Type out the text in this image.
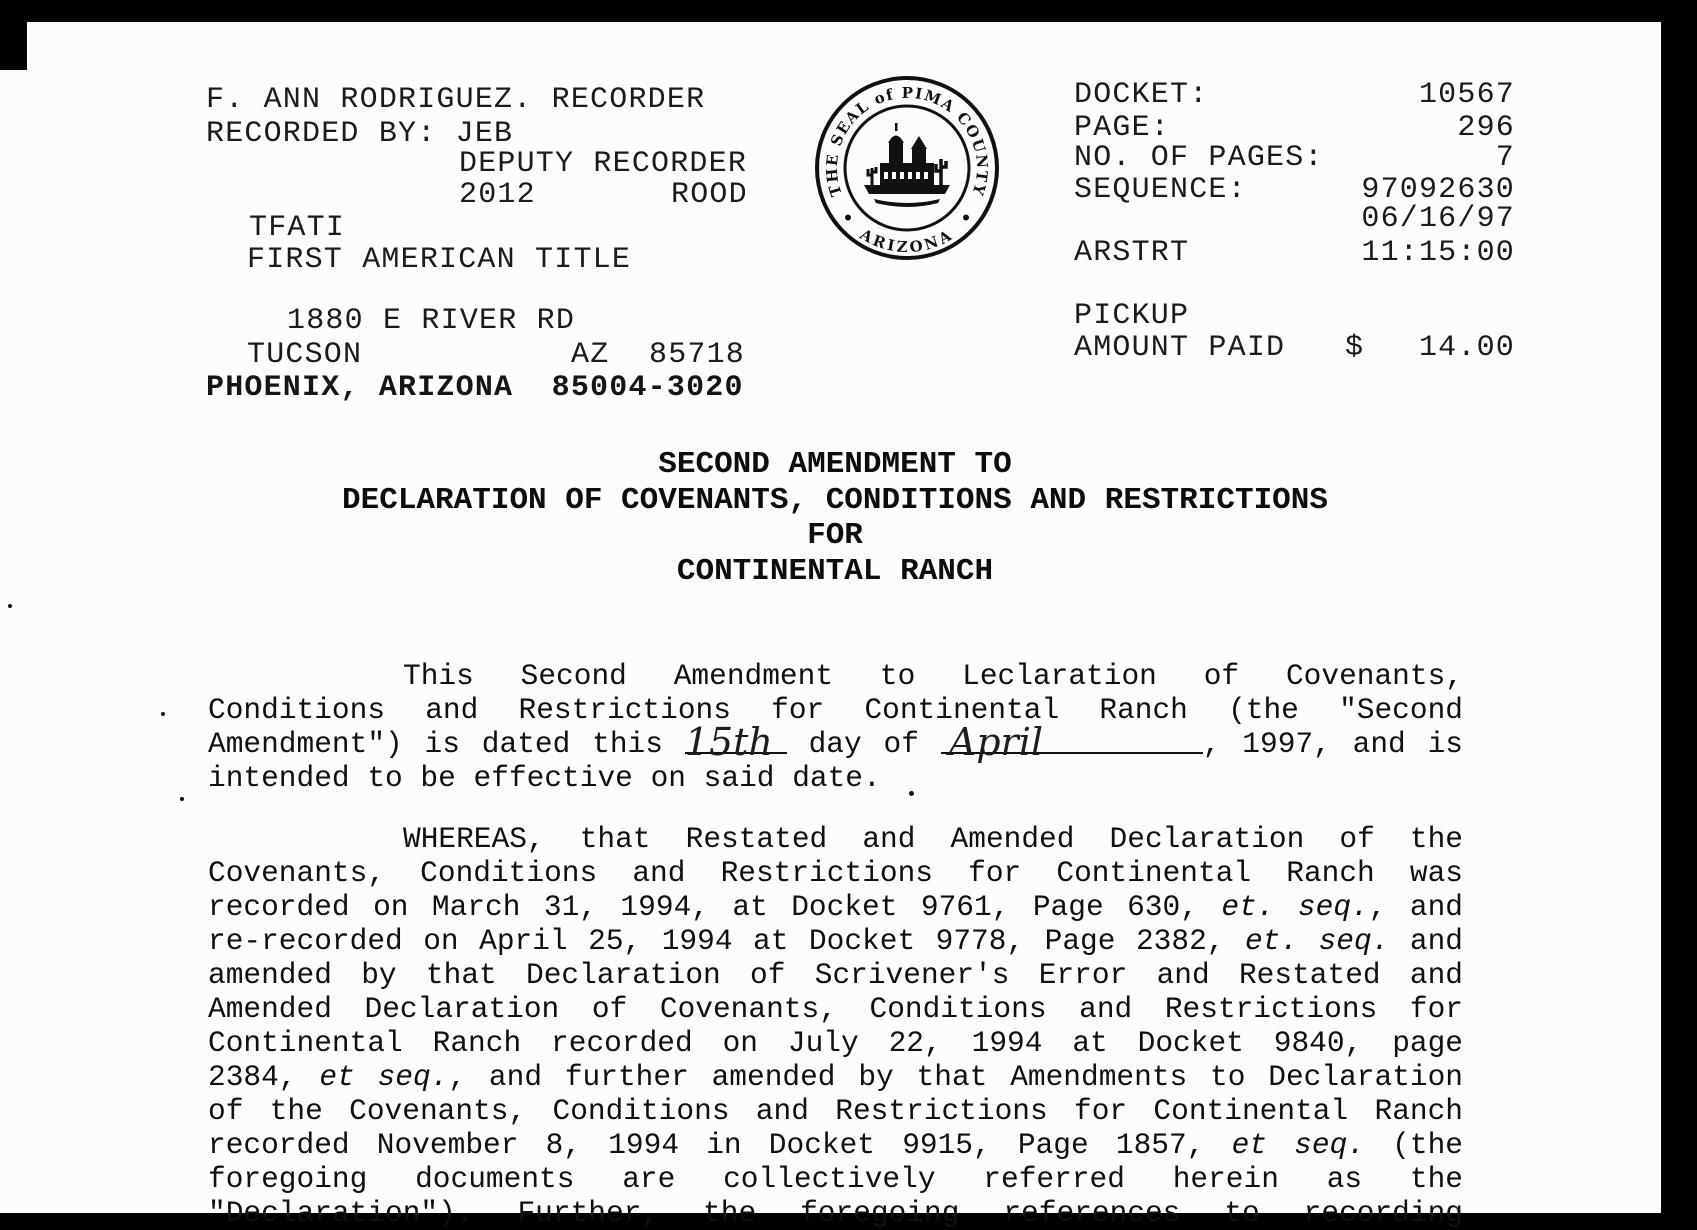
F. ANN RODRIGUEZ. RECORDER
RECORDED BY: JEB
DEPUTY RECORDER
2012	ROOD
TFATI
FIRST AMERICAN TITLE
1880 E RIVER RD
TUCSON	AZ 85718
PHOENIX, ARIZONA  85004-3020
THE SEAL of PIMA COUNTY
ARIZONA
DOCKET:	10567
PAGE:	296
NO. OF PAGES:	7
SEQUENCE:	97092630
06/16/97
ARSTRT	11:15:00
PICKUP
AMOUNT PAID $	14.00
SECOND AMENDMENT TO
DECLARATION OF COVENANTS, CONDITIONS AND RESTRICTIONS
FOR
CONTINENTAL RANCH
This Second Amendment to Leclaration of Covenants,
Conditions and Restrictions for Continental Ranch (the "Second
Amendment") is dated this 15th day of April	, 1997, and is
intended to be effective on said date.
WHEREAS, that Restated and Amended Declaration of the
Covenants, Conditions and Restrictions for Continental Ranch was
recorded on March 31, 1994, at Docket 9761, Page 630, et. seq., and
re-recorded on April 25, 1994 at Docket 9778, Page 2382, et. seq. and
amended by that Declaration of Scrivener's Error and Restated and
Amended Declaration of Covenants, Conditions and Restrictions for
Continental Ranch recorded on July 22, 1994 at Docket 9840, page
2384, et seq., and further amended by that Amendments to Declaration
of the Covenants, Conditions and Restrictions for Continental Ranch
recorded November 8, 1994 in Docket 9915, Page 1857, et seq. (the
foregoing documents are collectively referred herein as the
"Declaration"). Further, the foregoing references to recording
